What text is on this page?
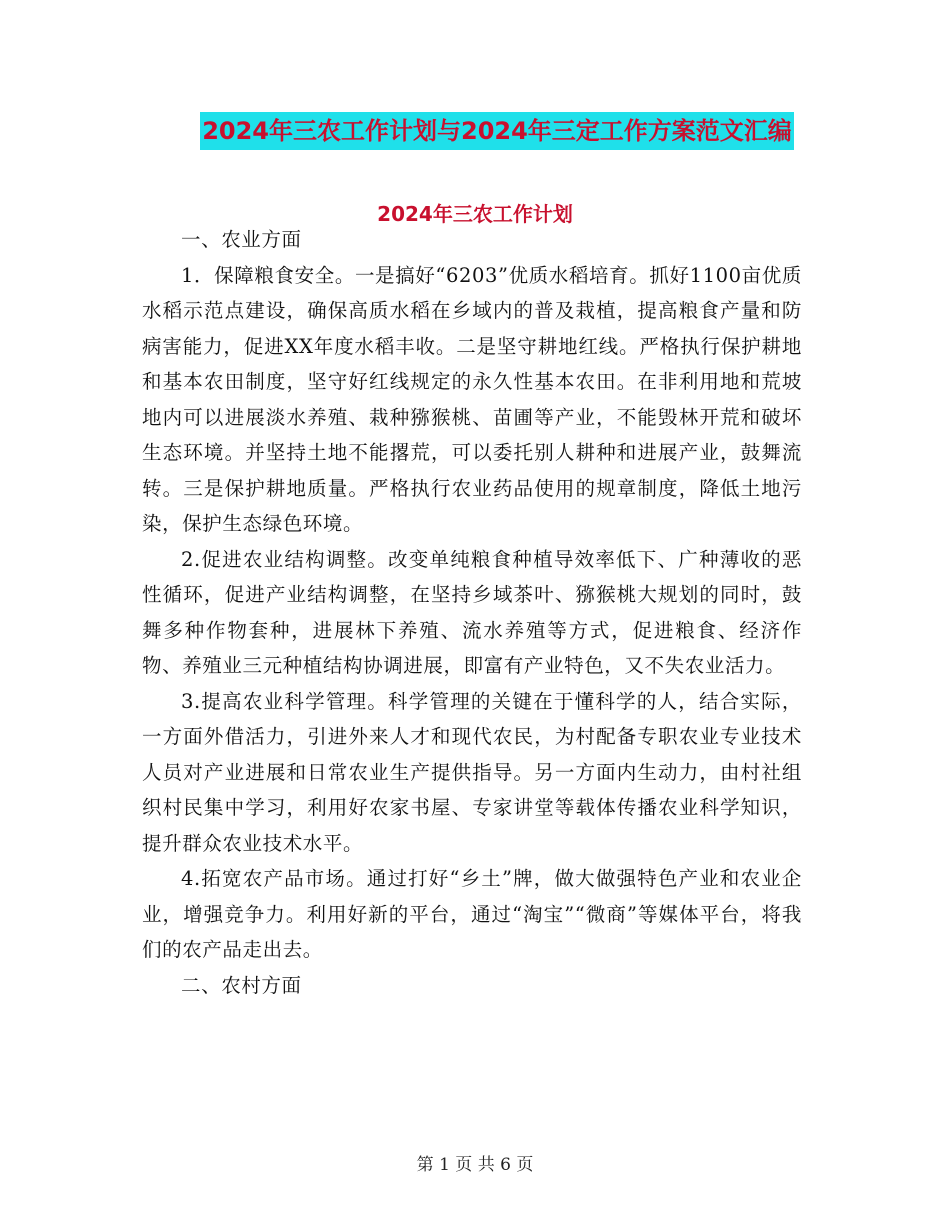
2024年三农工作计划与2024年三定工作方案范文汇编
2024年三农工作计划

一、农业方面

1．保障粮食安全。一是搞好“6203”优质水稻培育。抓好1100亩优质水稻示范点建设，确保高质水稻在乡域内的普及栽植，提高粮食产量和防病害能力，促进XX年度水稻丰收。二是坚守耕地红线。严格执行保护耕地和基本农田制度，坚守好红线规定的永久性基本农田。在非利用地和荒坡地内可以进展淡水养殖、栽种猕猴桃、苗圃等产业，不能毁林开荒和破坏生态环境。并坚持土地不能撂荒，可以委托别人耕种和进展产业，鼓舞流转。三是保护耕地质量。严格执行农业药品使用的规章制度，降低土地污染，保护生态绿色环境。

2.促进农业结构调整。改变单纯粮食种植导效率低下、广种薄收的恶性循环，促进产业结构调整，在坚持乡域茶叶、猕猴桃大规划的同时，鼓舞多种作物套种，进展林下养殖、流水养殖等方式，促进粮食、经济作物、养殖业三元种植结构协调进展，即富有产业特色，又不失农业活力。

3.提高农业科学管理。科学管理的关键在于懂科学的人，结合实际，一方面外借活力，引进外来人才和现代农民，为村配备专职农业专业技术人员对产业进展和日常农业生产提供指导。另一方面内生动力，由村社组织村民集中学习，利用好农家书屋、专家讲堂等载体传播农业科学知识，提升群众农业技术水平。

4.拓宽农产品市场。通过打好“乡土”牌，做大做强特色产业和农业企业，增强竞争力。利用好新的平台，通过“淘宝”“微商”等媒体平台，将我们的农产品走出去。

二、农村方面

第 1 页 共 6 页
